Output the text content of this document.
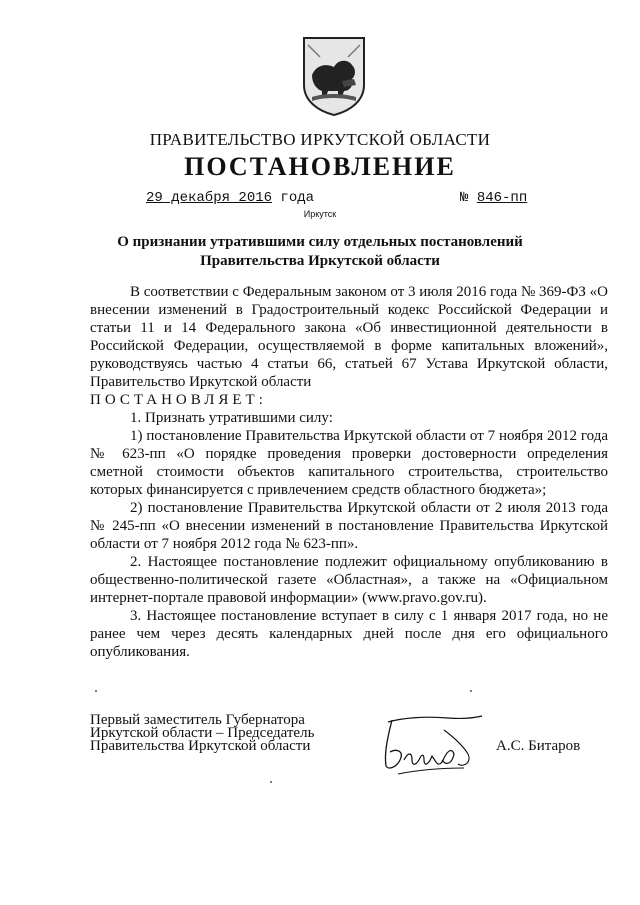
ПРАВИТЕЛЬСТВО ИРКУТСКОЙ ОБЛАСТИ
ПОСТАНОВЛЕНИЕ
29 декабря 2016 года	№ 846-пп
Иркутск
О признании утратившими силу отдельных постановлений Правительства Иркутской области

В соответствии с Федеральным законом от 3 июля 2016 года № 369-ФЗ «О внесении изменений в Градостроительный кодекс Российской Федерации и статьи 11 и 14 Федерального закона «Об инвестиционной деятельности в Российской Федерации, осуществляемой в форме капитальных вложений», руководствуясь частью 4 статьи 66, статьей 67 Устава Иркутской области, Правительство Иркутской области

ПОСТАНОВЛЯЕТ:

1. Признать утратившими силу:

1) постановление Правительства Иркутской области от 7 ноября 2012 года № 623-пп «О порядке проведения проверки достоверности определения сметной стоимости объектов капитального строительства, строительство которых финансируется с привлечением средств областного бюджета»;

2) постановление Правительства Иркутской области от 2 июля 2013 года № 245-пп «О внесении изменений в постановление Правительства Иркутской области от 7 ноября 2012 года № 623-пп».

2. Настоящее постановление подлежит официальному опубликованию в общественно-политической газете «Областная», а также на «Официальном интернет-портале правовой информации» (www.pravo.gov.ru).

3. Настоящее постановление вступает в силу с 1 января 2017 года, но не ранее чем через десять календарных дней после дня его официального опубликования.

Первый заместитель Губернатора
Иркутской области – Председатель
Правительства Иркутской области	А.С. Битаров
